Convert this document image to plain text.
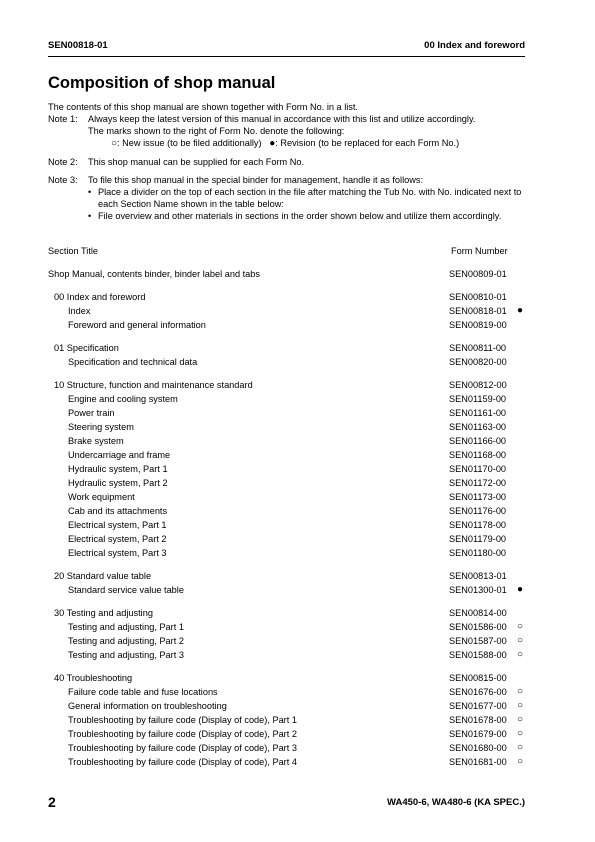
SEN00818-01	00 Index and foreword
Composition of shop manual
The contents of this shop manual are shown together with Form No. in a list.
Note 1:	Always keep the latest version of this manual in accordance with this list and utilize accordingly.
The marks shown to the right of Form No. denote the following:
○: New issue (to be filed additionally) ●: Revision (to be replaced for each Form No.)
Note 2:	This shop manual can be supplied for each Form No.
Note 3:	To file this shop manual in the special binder for management, handle it as follows:
• Place a divider on the top of each section in the file after matching the Tub No. with No. indicated next to each Section Name shown in the table below:
• File overview and other materials in sections in the order shown below and utilize them accordingly.
Section Title	Form Number
Shop Manual, contents binder, binder label and tabs	SEN00809-01
00 Index and foreword	SEN00810-01
Index	SEN00818-01 ●
Foreword and general information	SEN00819-00
01 Specification	SEN00811-00
Specification and technical data	SEN00820-00
10 Structure, function and maintenance standard	SEN00812-00
Engine and cooling system	SEN01159-00
Power train	SEN01161-00
Steering system	SEN01163-00
Brake system	SEN01166-00
Undercarriage and frame	SEN01168-00
Hydraulic system, Part 1	SEN01170-00
Hydraulic system, Part 2	SEN01172-00
Work equipment	SEN01173-00
Cab and its attachments	SEN01176-00
Electrical system, Part 1	SEN01178-00
Electrical system, Part 2	SEN01179-00
Electrical system, Part 3	SEN01180-00
20 Standard value table	SEN00813-01
Standard service value table	SEN01300-01 ●
30 Testing and adjusting	SEN00814-00
Testing and adjusting, Part 1	SEN01586-00 ○
Testing and adjusting, Part 2	SEN01587-00 ○
Testing and adjusting, Part 3	SEN01588-00 ○
40 Troubleshooting	SEN00815-00
Failure code table and fuse locations	SEN01676-00 ○
General information on troubleshooting	SEN01677-00 ○
Troubleshooting by failure code (Display of code), Part 1	SEN01678-00 ○
Troubleshooting by failure code (Display of code), Part 2	SEN01679-00 ○
Troubleshooting by failure code (Display of code), Part 3	SEN01680-00 ○
Troubleshooting by failure code (Display of code), Part 4	SEN01681-00 ○
2	WA450-6, WA480-6 (KA SPEC.)
